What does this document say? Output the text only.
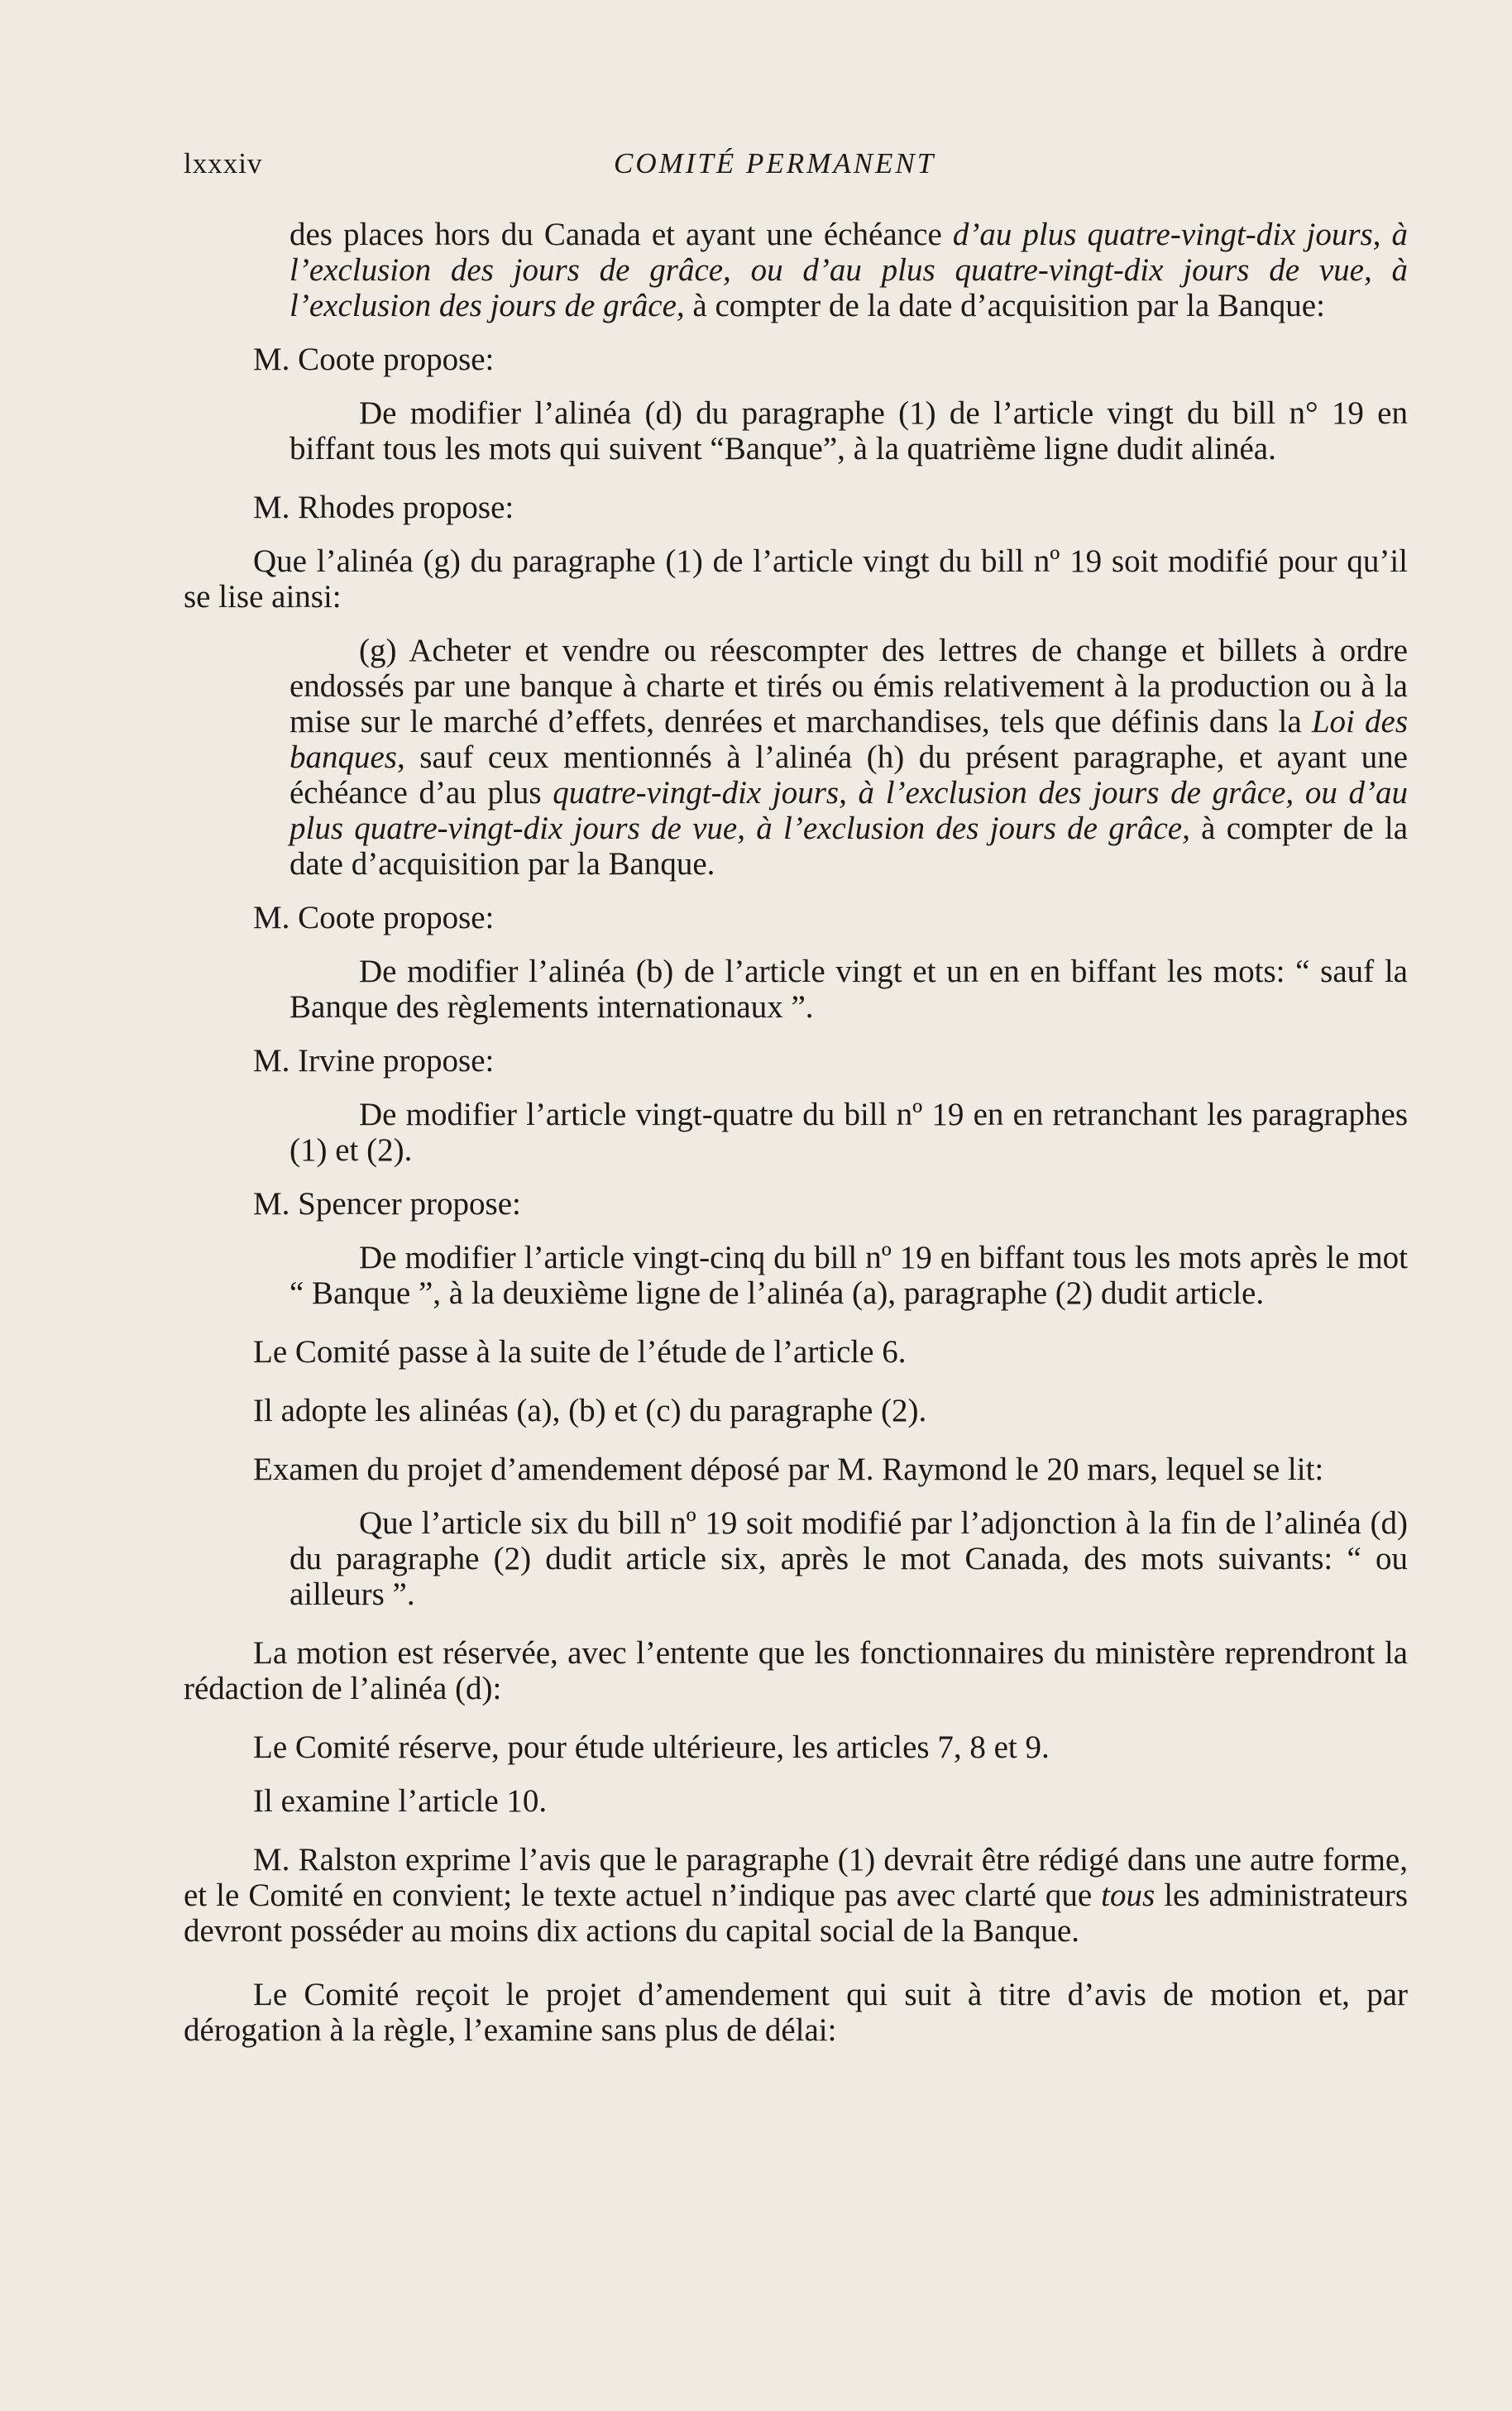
lxxxiv	COMITÉ PERMANENT

des places hors du Canada et ayant une échéance d’au plus quatre-vingt-dix jours, à l’exclusion des jours de grâce, ou d’au plus quatre-vingt-dix jours de vue, à l’exclusion des jours de grâce, à compter de la date d’acquisition par la Banque:

M. Coote propose:

De modifier l’alinéa (d) du paragraphe (1) de l’article vingt du bill n° 19 en biffant tous les mots qui suivent “Banque”, à la quatrième ligne dudit alinéa.

M. Rhodes propose:

Que l’alinéa (g) du paragraphe (1) de l’article vingt du bill nº 19 soit modifié pour qu’il se lise ainsi:

(g) Acheter et vendre ou réescompter des lettres de change et billets à ordre endossés par une banque à charte et tirés ou émis relativement à la production ou à la mise sur le marché d’effets, denrées et marchandises, tels que définis dans la Loi des banques, sauf ceux mentionnés à l’alinéa (h) du présent paragraphe, et ayant une échéance d’au plus quatre-vingt-dix jours, à l’exclusion des jours de grâce, ou d’au plus quatre-vingt-dix jours de vue, à l’exclusion des jours de grâce, à compter de la date d’acquisition par la Banque.

M. Coote propose:

De modifier l’alinéa (b) de l’article vingt et un en en biffant les mots: “ sauf la Banque des règlements internationaux ”.

M. Irvine propose:

De modifier l’article vingt-quatre du bill nº 19 en en retranchant les paragraphes (1) et (2).

M. Spencer propose:

De modifier l’article vingt-cinq du bill nº 19 en biffant tous les mots après le mot “ Banque ”, à la deuxième ligne de l’alinéa (a), paragraphe (2) dudit article.

Le Comité passe à la suite de l’étude de l’article 6.

Il adopte les alinéas (a), (b) et (c) du paragraphe (2).

Examen du projet d’amendement déposé par M. Raymond le 20 mars, lequel se lit:

Que l’article six du bill nº 19 soit modifié par l’adjonction à la fin de l’alinéa (d) du paragraphe (2) dudit article six, après le mot Canada, des mots suivants: “ ou ailleurs ”.

La motion est réservée, avec l’entente que les fonctionnaires du ministère reprendront la rédaction de l’alinéa (d):

Le Comité réserve, pour étude ultérieure, les articles 7, 8 et 9.

Il examine l’article 10.

M. Ralston exprime l’avis que le paragraphe (1) devrait être rédigé dans une autre forme, et le Comité en convient; le texte actuel n’indique pas avec clarté que tous les administrateurs devront posséder au moins dix actions du capital social de la Banque.

Le Comité reçoit le projet d’amendement qui suit à titre d’avis de motion et, par dérogation à la règle, l’examine sans plus de délai:
